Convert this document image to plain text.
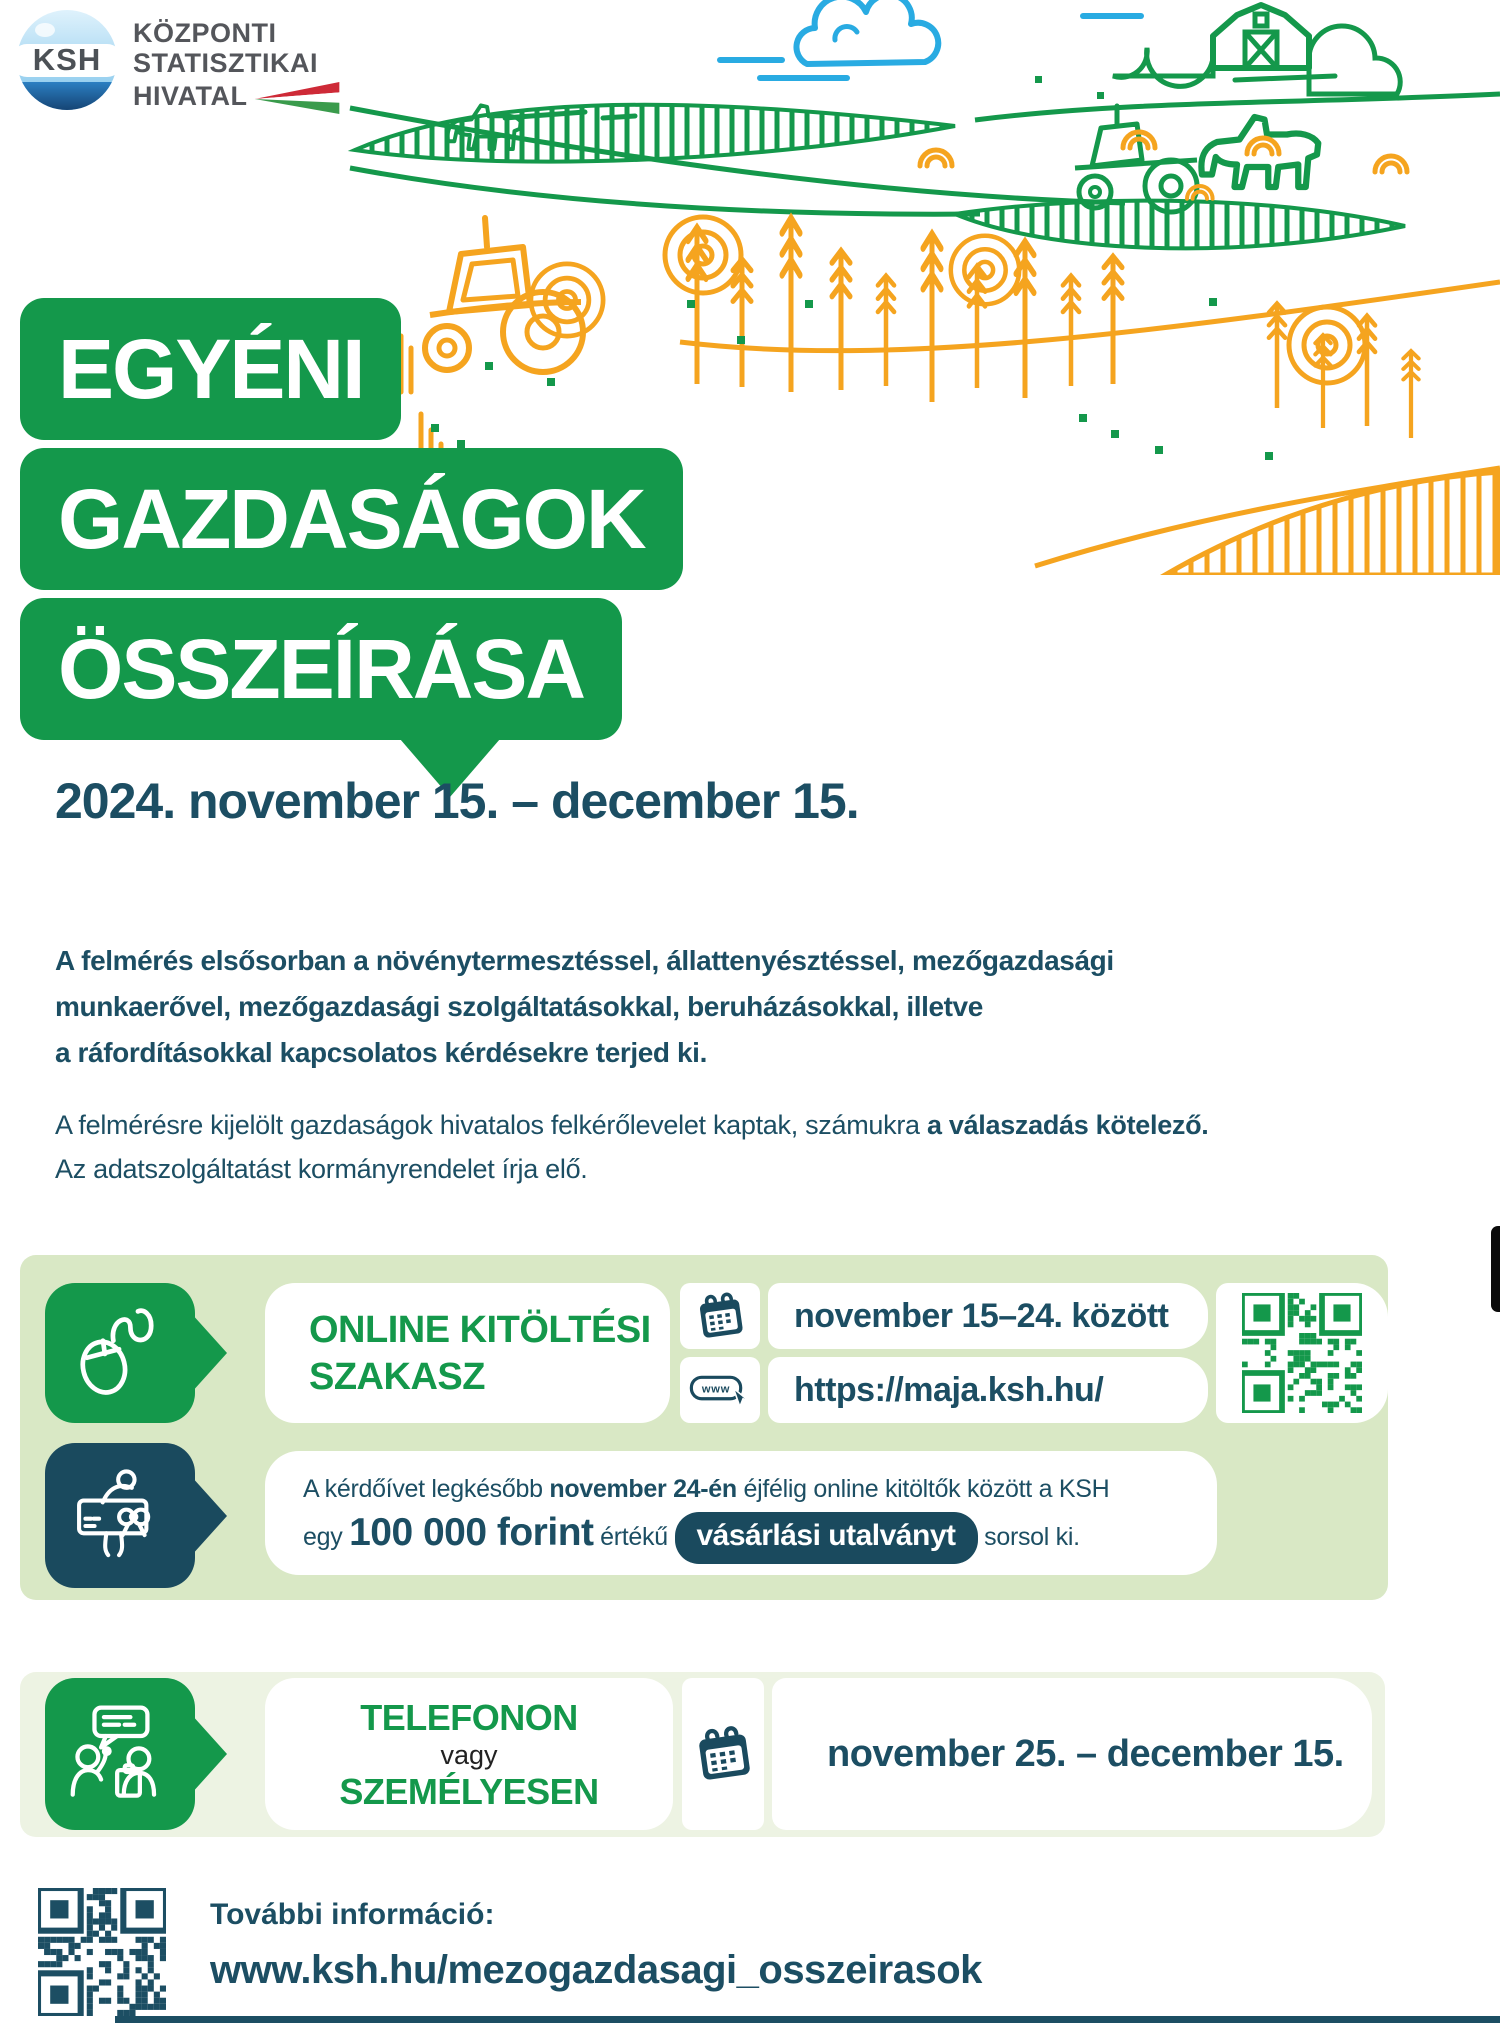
KSH
KÖZPONTI
STATISZTIKAI
HIVATAL
EGYÉNI
GAZDASÁGOK
ÖSSZEÍRÁSA
2024. november 15. – december 15.
A felmérés elsősorban a növénytermesztéssel, állattenyésztéssel, mezőgazdasági
munkaerővel, mezőgazdasági szolgáltatásokkal, beruházásokkal, illetve
a ráfordításokkal kapcsolatos kérdésekre terjed ki.
A felmérésre kijelölt gazdaságok hivatalos felkérőlevelet kaptak, számukra a válaszadás kötelező.
Az adatszolgáltatást kormányrendelet írja elő.
ONLINE KITÖLTÉSI
SZAKASZ
november 15–24. között
www	https://maja.ksh.hu/
A kérdőívet legkésőbb november 24-én éjfélig online kitöltők között a KSH
egy 100 000 forint értékű vásárlási utalványt sorsol ki.
TELEFONON
vagy
SZEMÉLYESEN
november 25. – december 15.
További információ:
www.ksh.hu/mezogazdasagi_osszeirasok
